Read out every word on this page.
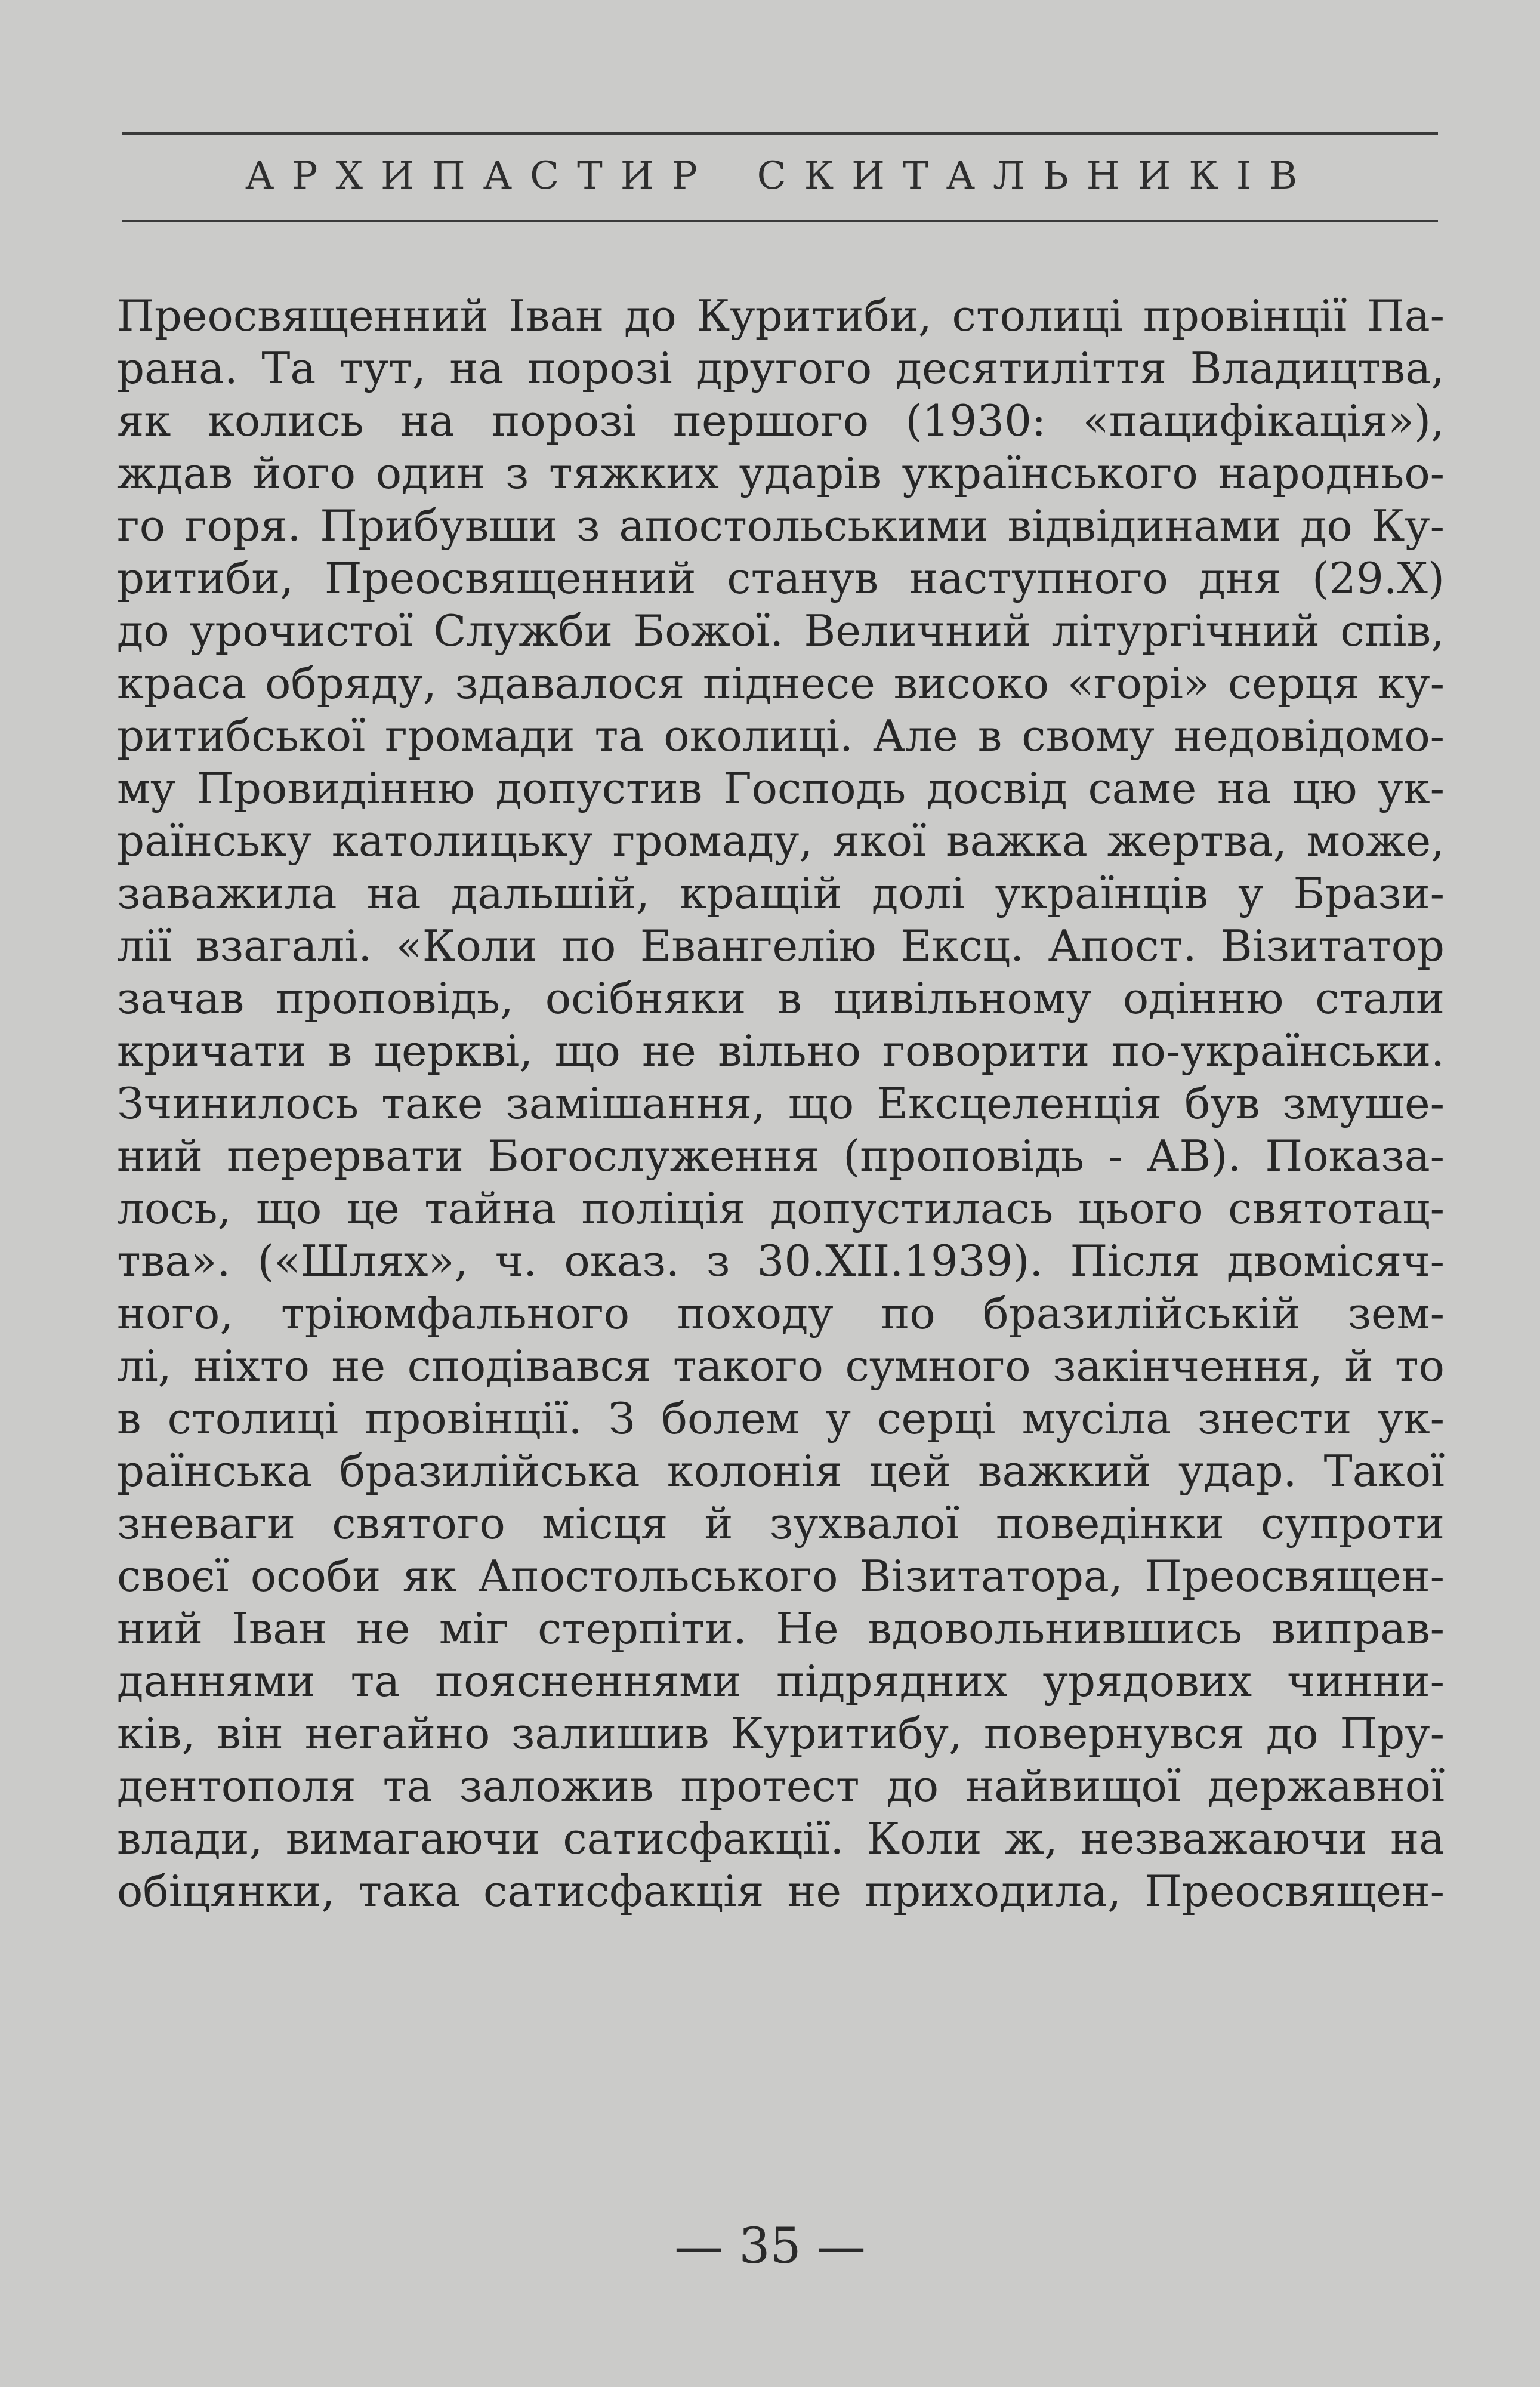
АРХИПАСТИР СКИТАЛЬНИКІВ
Преосвященний Іван до Куритиби, столиці провінції Па-
рана. Та тут, на порозі другого десятиліття Владицтва,
як колись на порозі першого (1930: «пацифікація»),
ждав його один з тяжких ударів українського народньо-
го горя. Прибувши з апостольськими відвідинами до Ку-
ритиби, Преосвященний станув наступного дня (29.X)
до урочистої Служби Божої. Величний літургічний спів,
краса обряду, здавалося піднесе високо «горі» серця ку-
ритибської громади та околиці. Але в свому недовідомо-
му Провидінню допустив Господь досвід саме на цю ук-
раїнську католицьку громаду, якої важка жертва, може,
заважила на дальшій, кращій долі українців у Брази-
лії взагалі. «Коли по Евангелію Ексц. Апост. Візитатор
зачав проповідь, осібняки в цивільному одінню стали
кричати в церкві, що не вільно говорити по-українськи.
Зчинилось таке замішання, що Ексцеленція був змуше-
ний перервати Богослуження (проповідь - АВ). Показа-
лось, що це тайна поліція допустилась цього святотац-
тва». («Шлях», ч. оказ. з 30.XII.1939). Після двомісяч-
ного, тріюмфального походу по бразилійській зем-
лі, ніхто не сподівався такого сумного закінчення, й то
в столиці провінції. З болем у серці мусіла знести ук-
раїнська бразилійська колонія цей важкий удар. Такої
зневаги святого місця й зухвалої поведінки супроти
своєї особи як Апостольського Візитатора, Преосвящен-
ний Іван не міг стерпіти. Не вдовольнившись виправ-
даннями та поясненнями підрядних урядових чинни-
ків, він негайно залишив Куритибу, повернувся до Пру-
дентополя та заложив протест до найвищої державної
влади, вимагаючи сатисфакції. Коли ж, незважаючи на
обіцянки, така сатисфакція не приходила, Преосвящен-
— 35 —
